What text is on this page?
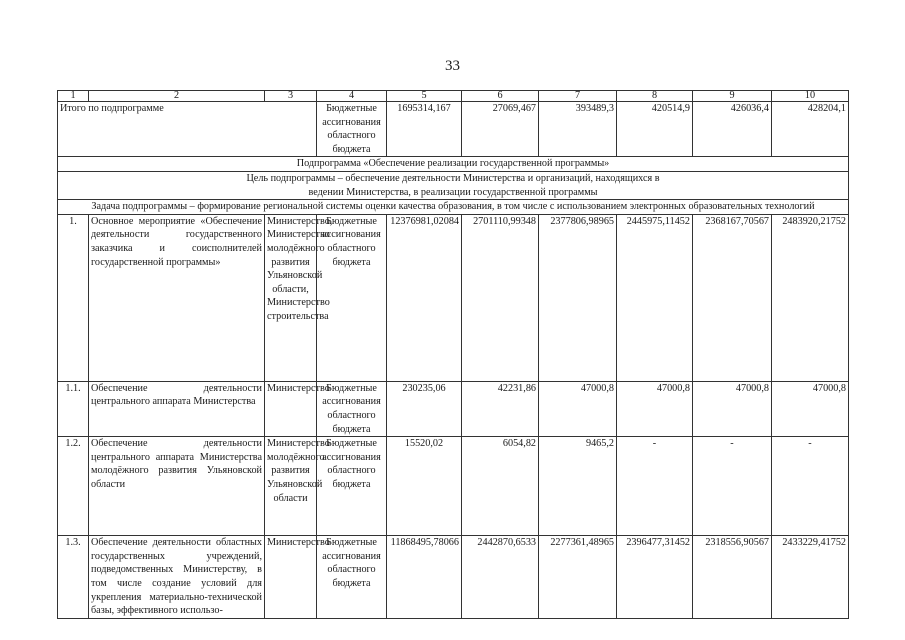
33
1	2	3	4	5	6	7	8	9	10
Итого по подпрограмме			Бюджетные ассигнования областного бюджета	1695314,167	27069,467	393489,3	420514,9	426036,4	428204,1
Подпрограмма «Обеспечение реализации государственной программы»									
Цель подпрограммы – обеспечение деятельности Министерства и организаций, находящихся в ведении Министерства, в реализации государственной программы									
Задача подпрограммы – формирование региональной системы оценки качества образования, в том числе с использованием электронных образовательных технологий									
1.	Основное мероприятие «Обеспечение деятельности государственного заказчика и соисполнителей государственной программы»	Министерство, Министерство молодёжного развития Ульяновской области, Министерство строительства	Бюджетные ассигнования областного бюджета	12376981,02084	2701110,99348	2377806,98965	2445975,11452	2368167,70567	2483920,21752
1.1.	Обеспечение деятельности центрального аппарата Министерства	Министерство	Бюджетные ассигнования областного бюджета	230235,06	42231,86	47000,8	47000,8	47000,8	47000,8
1.2.	Обеспечение деятельности центрального аппарата Министерства молодёжного развития Ульяновской области	Министерство молодёжного развития Ульяновской области	Бюджетные ассигнования областного бюджета	15520,02	6054,82	9465,2	-	-	-
1.3.	Обеспечение деятельности областных государственных учреждений, подведомственных Министерству, в том числе создание условий для укрепления материально-технической базы, эффективного использо-	Министерство	Бюджетные ассигнования областного бюджета	11868495,78066	2442870,6533	2277361,48965	2396477,31452	2318556,90567	2433229,41752
